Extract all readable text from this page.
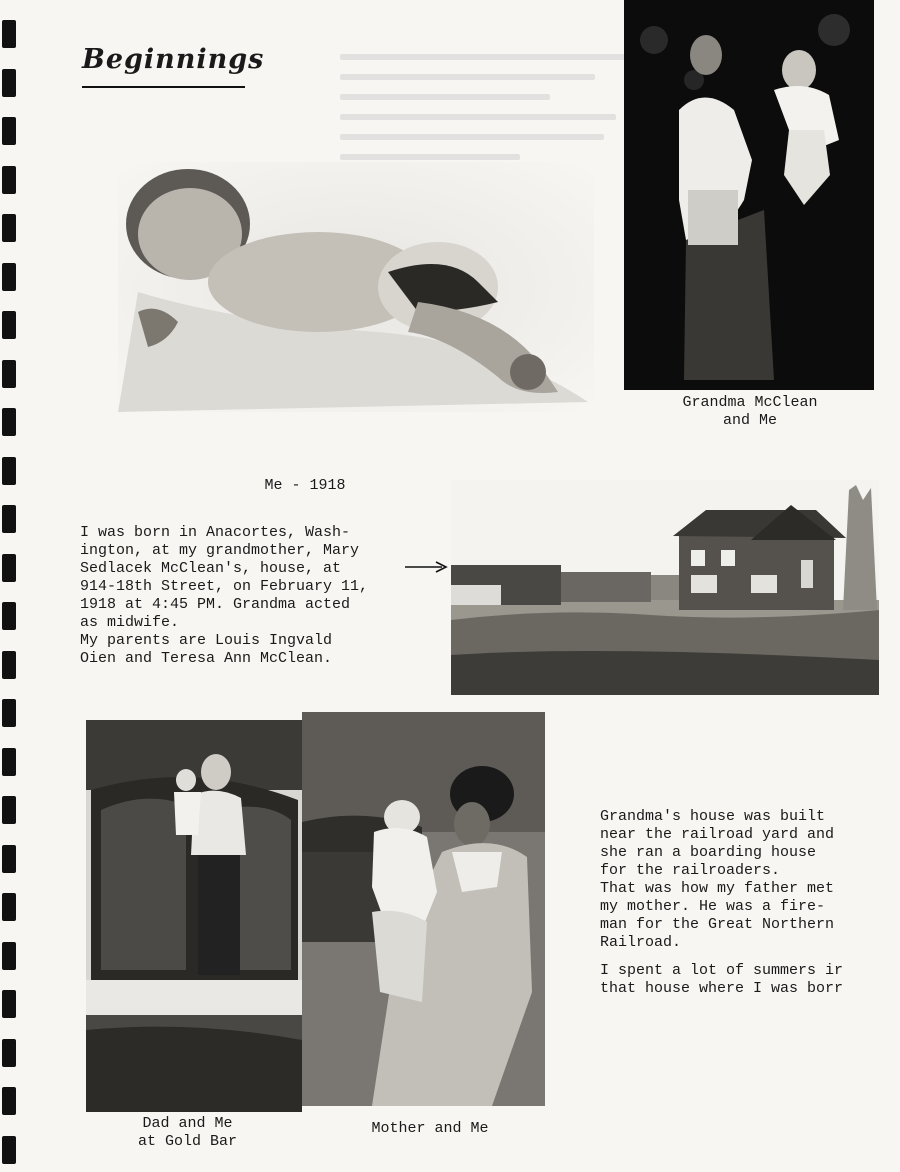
Beginnings
Grandma McClean
and Me
Me - 1918
I was born in Anacortes, Wash-
ington, at my grandmother, Mary
Sedlacek McClean's, house, at
914-18th Street, on February 11,
1918 at 4:45 PM. Grandma acted
as midwife.
My parents are Louis Ingvald
Oien and Teresa Ann McClean.
Dad and Me
at Gold Bar
Mother and Me
Grandma's house was built
near the railroad yard and
she ran a boarding house
for the railroaders.
That was how my father met
my mother. He was a fire-
man for the Great Northern
Railroad.
I spent a lot of summers ir
that house where I was borr
